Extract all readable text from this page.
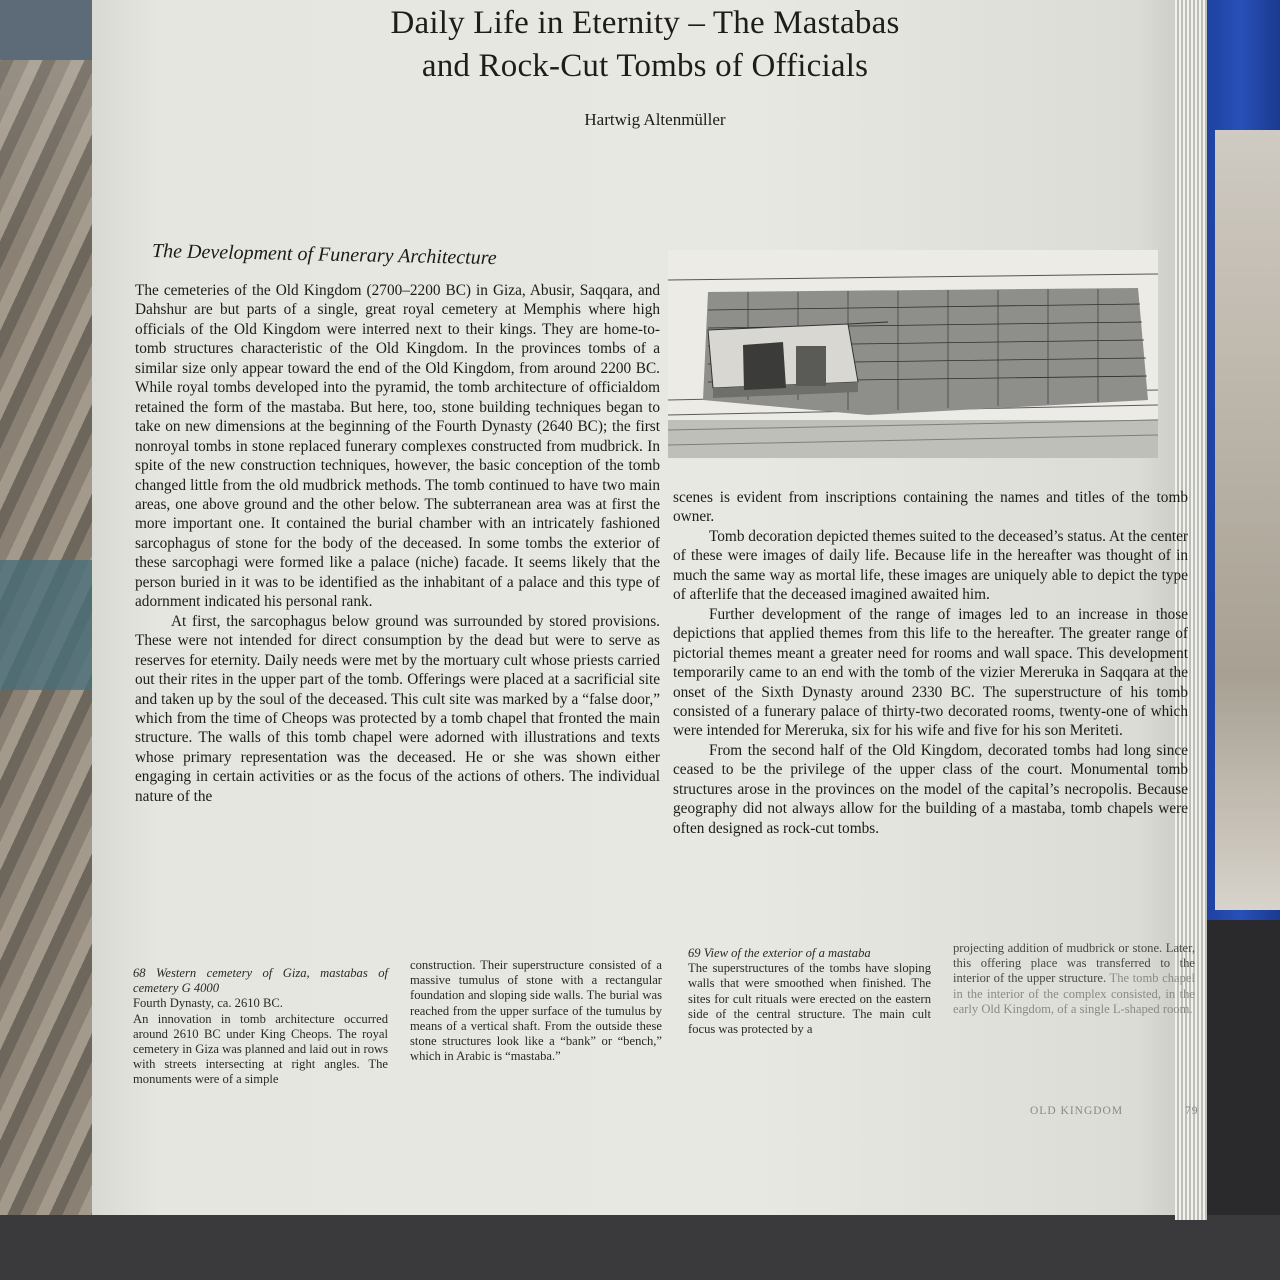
Daily Life in Eternity – The Mastabas
and Rock-Cut Tombs of Officials
Hartwig Altenmüller
The Development of Funerary Architecture

The cemeteries of the Old Kingdom (2700–2200 BC) in Giza, Abusir, Saqqara, and Dahshur are but parts of a single, great royal cemetery at Memphis where high officials of the Old Kingdom were interred next to their kings. They are home-to-tomb structures characteristic of the Old Kingdom. In the provinces tombs of a similar size only appear toward the end of the Old Kingdom, from around 2200 BC. While royal tombs developed into the pyramid, the tomb architecture of officialdom retained the form of the mastaba. But here, too, stone building techniques began to take on new dimensions at the beginning of the Fourth Dynasty (2640 BC); the first nonroyal tombs in stone replaced funerary complexes constructed from mudbrick. In spite of the new construction techniques, however, the basic conception of the tomb changed little from the old mudbrick methods. The tomb continued to have two main areas, one above ground and the other below. The subterranean area was at first the more important one. It contained the burial chamber with an intricately fashioned sarcophagus of stone for the body of the deceased. In some tombs the exterior of these sarcophagi were formed like a palace (niche) facade. It seems likely that the person buried in it was to be identified as the inhabitant of a palace and this type of adornment indicated his personal rank.

At first, the sarcophagus below ground was surrounded by stored provisions. These were not intended for direct consumption by the dead but were to serve as reserves for eternity. Daily needs were met by the mortuary cult whose priests carried out their rites in the upper part of the tomb. Offerings were placed at a sacrificial site and taken up by the soul of the deceased. This cult site was marked by a “false door,” which from the time of Cheops was protected by a tomb chapel that fronted the main structure. The walls of this tomb chapel were adorned with illustrations and texts whose primary representation was the deceased. He or she was shown either engaging in certain activities or as the focus of the actions of others. The individual nature of the

scenes is evident from inscriptions containing the names and titles of the tomb owner.

Tomb decoration depicted themes suited to the deceased’s status. At the center of these were images of daily life. Because life in the hereafter was thought of in much the same way as mortal life, these images are uniquely able to depict the type of afterlife that the deceased imagined awaited him.

Further development of the range of images led to an increase in those depictions that applied themes from this life to the hereafter. The greater range of pictorial themes meant a greater need for rooms and wall space. This development temporarily came to an end with the tomb of the vizier Mereruka in Saqqara at the onset of the Sixth Dynasty around 2330 BC. The superstructure of his tomb consisted of a funerary palace of thirty-two decorated rooms, twenty-one of which were intended for Mereruka, six for his wife and five for his son Meriteti.

From the second half of the Old Kingdom, decorated tombs had long since ceased to be the privilege of the upper class of the court. Monumental tomb structures arose in the provinces on the model of the capital’s necropolis. Because geography did not always allow for the building of a mastaba, tomb chapels were often designed as rock-cut tombs.

68 Western cemetery of Giza, mastabas of cemetery G 4000
Fourth Dynasty, ca. 2610 BC.
An innovation in tomb architecture occurred around 2610 BC under King Cheops. The royal cemetery in Giza was planned and laid out in rows with streets intersecting at right angles. The monuments were of a simple
construction. Their superstructure consisted of a massive tumulus of stone with a rectangular foundation and sloping side walls. The burial was reached from the upper surface of the tumulus by means of a vertical shaft. From the outside these stone structures look like a “bank” or “bench,” which in Arabic is “mastaba.”
69 View of the exterior of a mastaba
The superstructures of the tombs have sloping walls that were smoothed when finished. The sites for cult rituals were erected on the eastern side of the central structure. The main cult focus was protected by a
projecting addition of mudbrick or stone. Later, this offering place was transferred to the interior of the upper structure. The tomb chapel in the interior of the complex consisted, in the early Old Kingdom, of a single L-shaped room.
OLD KINGDOM	79
